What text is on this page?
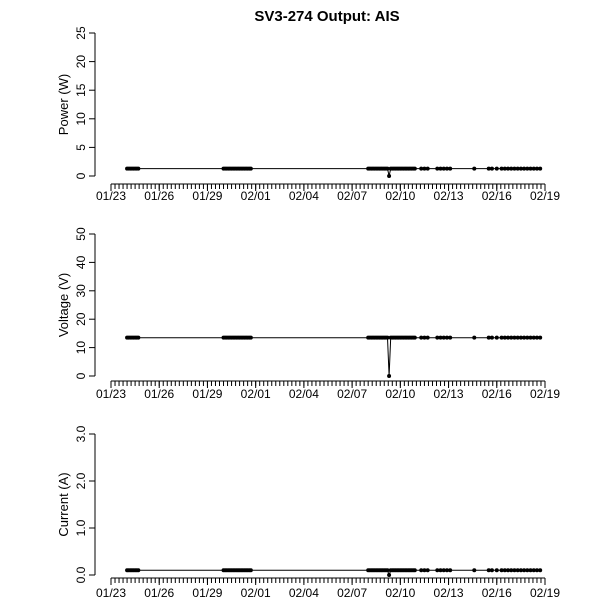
SV3-274 Output: AIS
0
5
10
15
20
25
Power (W)
01/23 01/26 01/29 02/01 02/04 02/07 02/10 02/13 02/16 02/19
0
10
20
30
40
50
Voltage (V)
01/23 01/26 01/29 02/01 02/04 02/07 02/10 02/13 02/16 02/19
0.0
1.0
2.0
3.0
Current (A)
01/23 01/26 01/29 02/01 02/04 02/07 02/10 02/13 02/16 02/19
